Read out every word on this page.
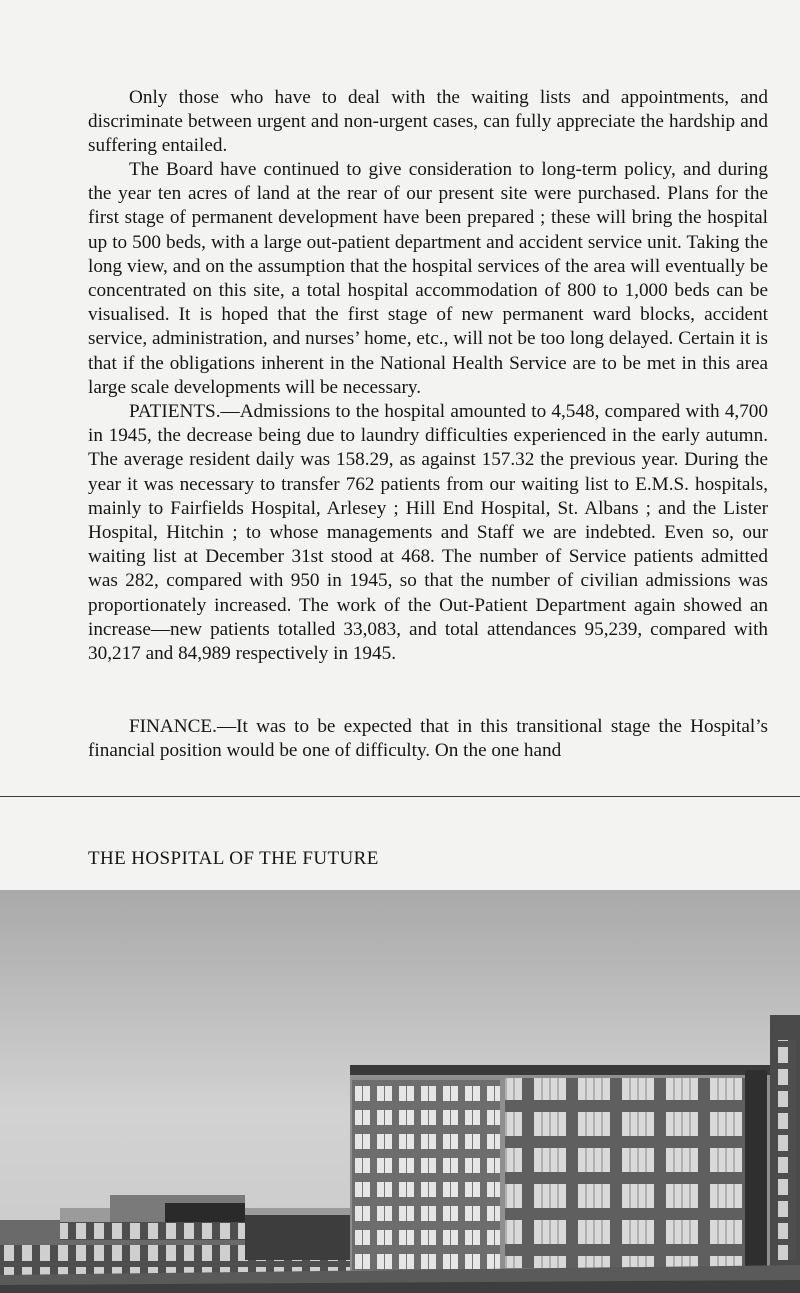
Only those who have to deal with the waiting lists and appointments, and discriminate between urgent and non-urgent cases, can fully appreciate the hardship and suffering entailed.

The Board have continued to give consideration to long-term policy, and during the year ten acres of land at the rear of our present site were purchased. Plans for the first stage of permanent development have been prepared ; these will bring the hospital up to 500 beds, with a large out-patient department and accident service unit. Taking the long view, and on the assumption that the hospital services of the area will eventually be concentrated on this site, a total hospital accommodation of 800 to 1,000 beds can be visualised. It is hoped that the first stage of new permanent ward blocks, accident service, administration, and nurses’ home, etc., will not be too long delayed. Certain it is that if the obligations inherent in the National Health Service are to be met in this area large scale developments will be necessary.

PATIENTS.—Admissions to the hospital amounted to 4,548, compared with 4,700 in 1945, the decrease being due to laundry difficulties experienced in the early autumn. The average resident daily was 158.29, as against 157.32 the previous year. During the year it was necessary to transfer 762 patients from our waiting list to E.M.S. hospitals, mainly to Fairfields Hospital, Arlesey ; Hill End Hospital, St. Albans ; and the Lister Hospital, Hitchin ; to whose managements and Staff we are indebted. Even so, our waiting list at December 31st stood at 468. The number of Service patients admitted was 282, compared with 950 in 1945, so that the number of civilian admissions was proportionately increased. The work of the Out-Patient Department again showed an increase—new patients totalled 33,083, and total attendances 95,239, compared with 30,217 and 84,989 respectively in 1945.

FINANCE.—It was to be expected that in this transitional stage the Hospital’s financial position would be one of difficulty. On the one hand

THE HOSPITAL OF THE FUTURE
